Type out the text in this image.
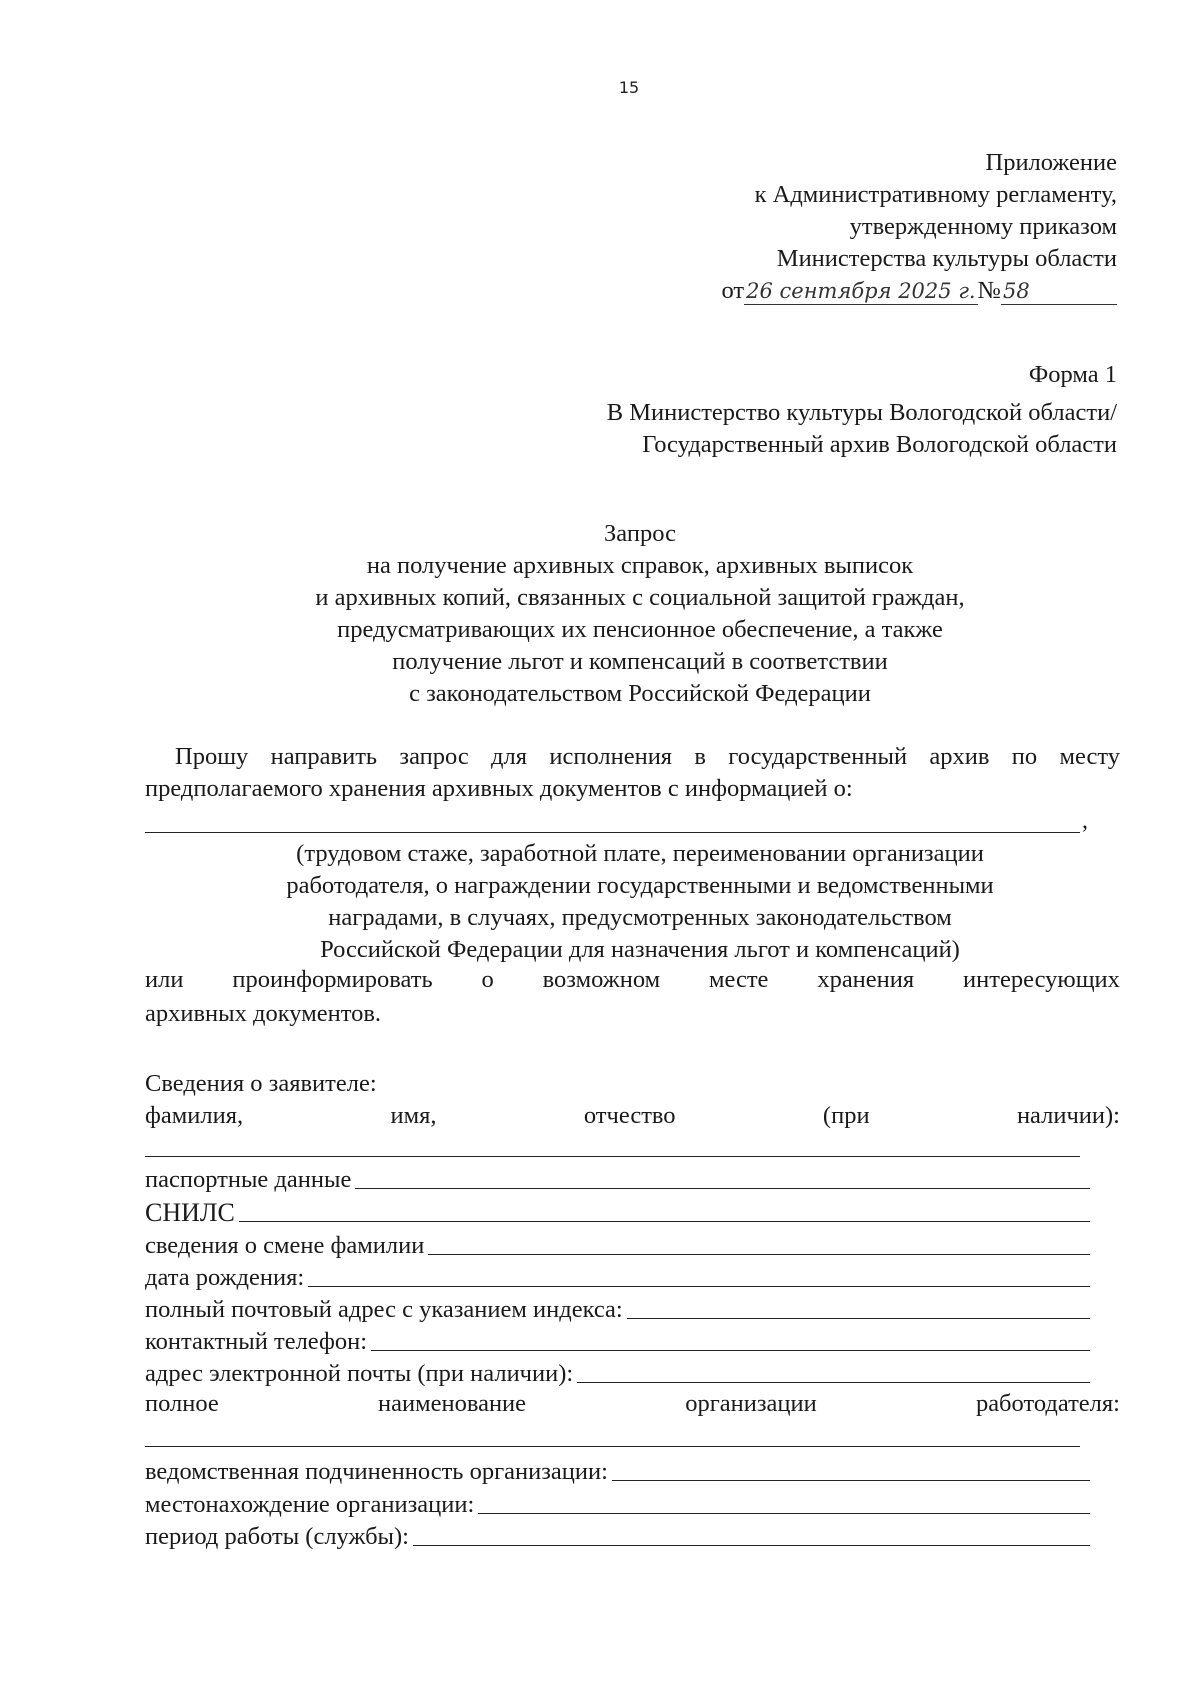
15
Приложение
к Административному регламенту,
утвержденному приказом
Министерства культуры области
от26 сентября 2025 г.№58
Форма 1
В Министерство культуры Вологодской области/
Государственный архив Вологодской области
Запрос
на получение архивных справок, архивных выписок
и архивных копий, связанных с социальной защитой граждан,
предусматривающих их пенсионное обеспечение, а также
получение льгот и компенсаций в соответствии
с законодательством Российской Федерации
Прошу направить запрос для исполнения в государственный архив по месту предполагаемого хранения архивных документов с информацией о:
,
(трудовом стаже, заработной плате, переименовании организации
работодателя, о награждении государственными и ведомственными
наградами, в случаях, предусмотренных законодательством
Российской Федерации для назначения льгот и компенсаций)
или проинформировать о возможном месте хранения интересующих
архивных документов.
Сведения о заявителе:
фамилия,	имя,	отчество	(при	наличии):
паспортные данные
СНИЛС
сведения о смене фамилии
дата рождения:
полный почтовый адрес с указанием индекса:
контактный телефон:
адрес электронной почты (при наличии):
полное	наименование	организации	работодателя:
ведомственная подчиненность организации:
местонахождение организации:
период работы (службы):
